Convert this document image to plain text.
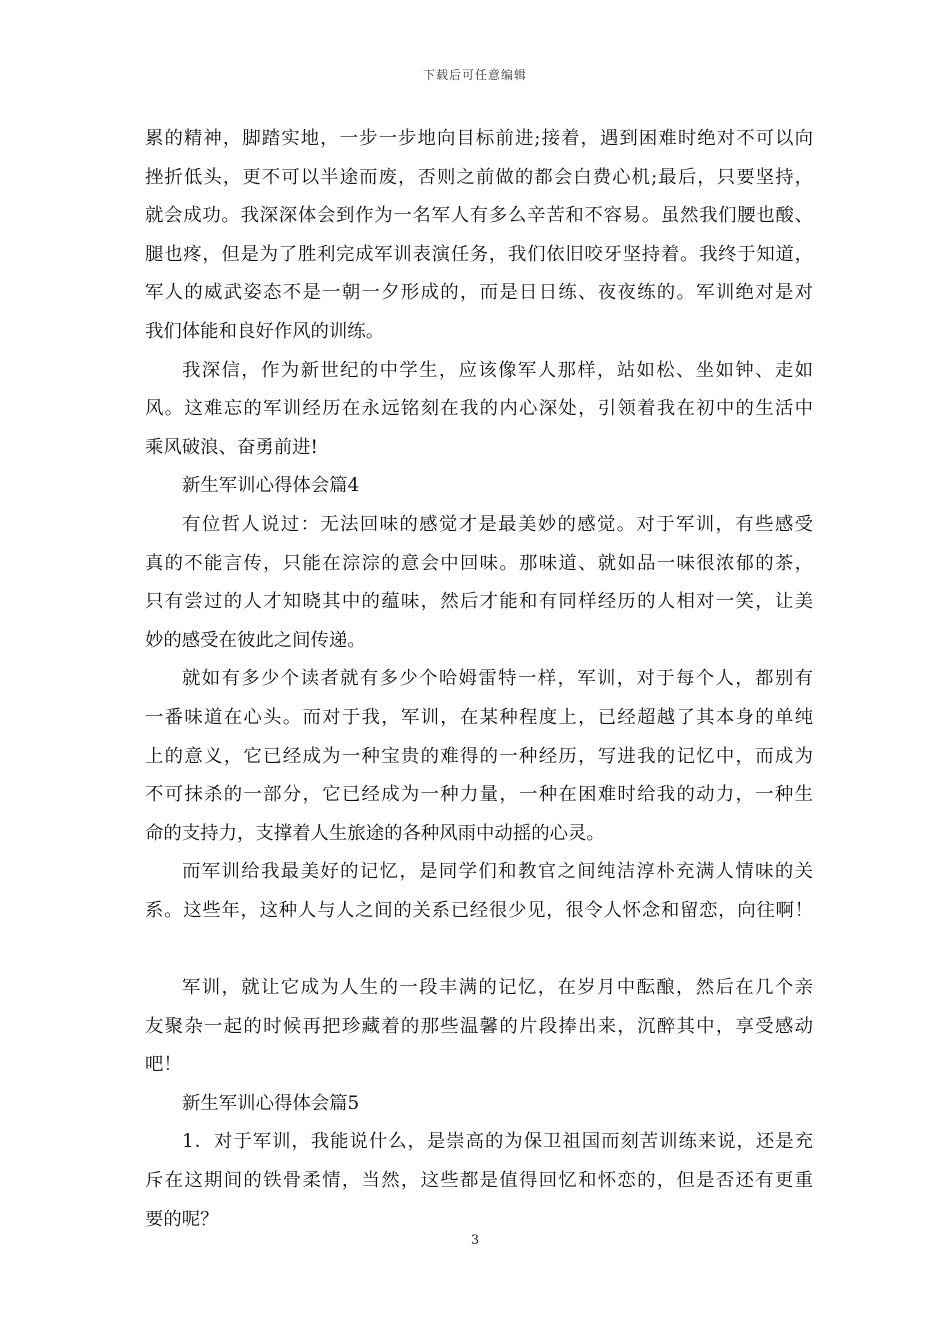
下载后可任意编辑
累的精神，脚踏实地，一步一步地向目标前进;接着，遇到困难时绝对不可以向
挫折低头，更不可以半途而废，否则之前做的都会白费心机;最后，只要坚持，
就会成功。我深深体会到作为一名军人有多么辛苦和不容易。虽然我们腰也酸、
腿也疼，但是为了胜利完成军训表演任务，我们依旧咬牙坚持着。我终于知道，
军人的威武姿态不是一朝一夕形成的，而是日日练、夜夜练的。军训绝对是对
我们体能和良好作风的训练。
我深信，作为新世纪的中学生，应该像军人那样，站如松、坐如钟、走如
风。这难忘的军训经历在永远铭刻在我的内心深处，引领着我在初中的生活中
乘风破浪、奋勇前进!
新生军训心得体会篇4
有位哲人说过：无法回味的感觉才是最美妙的感觉。对于军训，有些感受
真的不能言传，只能在淙淙的意会中回味。那味道、就如品一味很浓郁的茶，
只有尝过的人才知晓其中的蕴味，然后才能和有同样经历的人相对一笑，让美
妙的感受在彼此之间传递。
就如有多少个读者就有多少个哈姆雷特一样，军训，对于每个人，都别有
一番味道在心头。而对于我，军训，在某种程度上，已经超越了其本身的单纯
上的意义，它已经成为一种宝贵的难得的一种经历，写进我的记忆中，而成为
不可抹杀的一部分，它已经成为一种力量，一种在困难时给我的动力，一种生
命的支持力，支撑着人生旅途的各种风雨中动摇的心灵。
而军训给我最美好的记忆，是同学们和教官之间纯洁淳朴充满人情味的关
系。这些年，这种人与人之间的关系已经很少见，很令人怀念和留恋，向往啊！
军训，就让它成为人生的一段丰满的记忆，在岁月中酝酿，然后在几个亲
友聚杂一起的时候再把珍藏着的那些温馨的片段捧出来，沉醉其中，享受感动
吧！
新生军训心得体会篇5
1．对于军训，我能说什么，是崇高的为保卫祖国而刻苦训练来说，还是充
斥在这期间的铁骨柔情，当然，这些都是值得回忆和怀恋的，但是否还有更重
要的呢？
3
